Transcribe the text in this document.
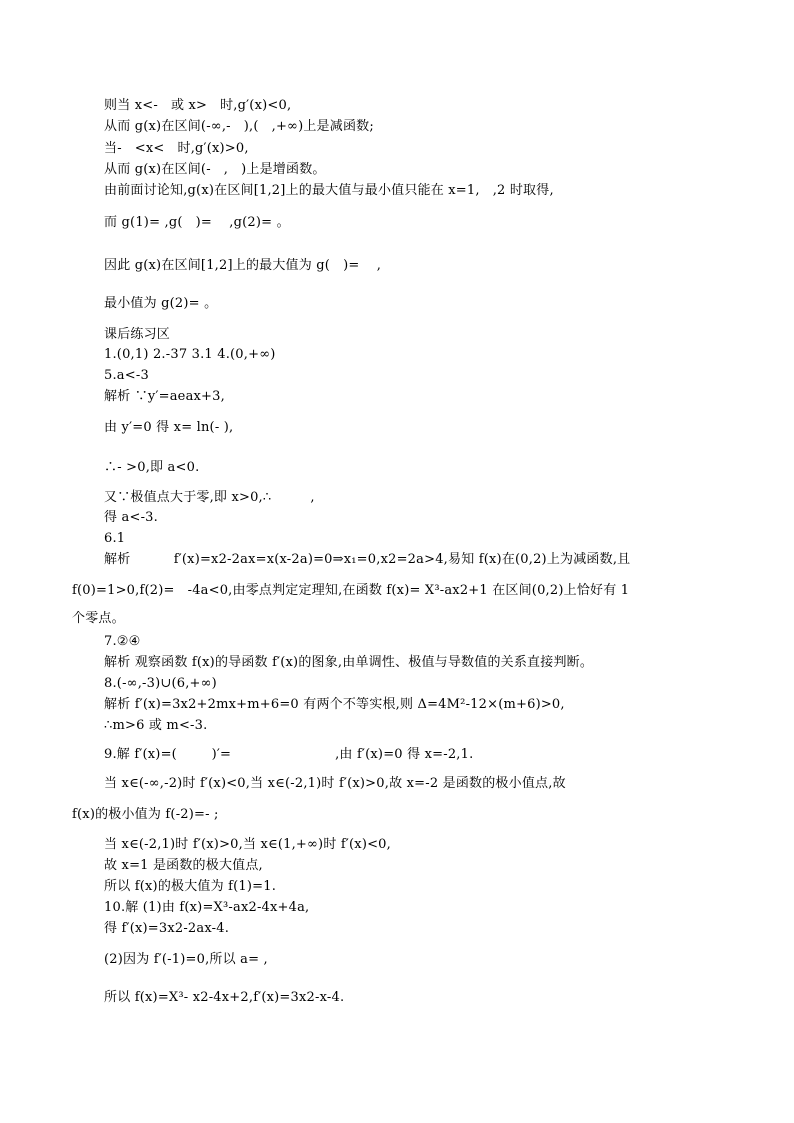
则当 x<-   或 x>   时,g′(x)<0,
从而 g(x)在区间(-∞,-   ),(   ,+∞)上是减函数;
当-   <x<   时,g′(x)>0,
从而 g(x)在区间(-   ,   )上是增函数。
由前面讨论知,g(x)在区间[1,2]上的最大值与最小值只能在 x=1,   ,2 时取得,
而 g(1)= ,g(   )=    ,g(2)= 。
因此 g(x)在区间[1,2]上的最大值为 g(   )=    ,
最小值为 g(2)= 。
课后练习区
1.(0,1) 2.-37 3.1 4.(0,+∞)
5.a<-3
解析 ∵y′=aeax+3,
由 y′=0 得 x= ln(- ),
∴- >0,即 a<0.
又∵极值点大于零,即 x>0,∴         ,
得 a<-3.
6.1
解析          f′(x)=x2-2ax=x(x-2a)=0⇒x₁=0,x2=2a>4,易知 f(x)在(0,2)上为减函数,且
f(0)=1>0,f(2)=   -4a<0,由零点判定定理知,在函数 f(x)= X³-ax2+1 在区间(0,2)上恰好有 1
个零点。
7.②④
解析 观察函数 f(x)的导函数 f′(x)的图象,由单调性、极值与导数值的关系直接判断。
8.(-∞,-3)∪(6,+∞)
解析 f′(x)=3x2+2mx+m+6=0 有两个不等实根,则 Δ=4M²-12×(m+6)>0,
∴m>6 或 m<-3.
9.解 f′(x)=(        )′=                        ,由 f′(x)=0 得 x=-2,1.
当 x∈(-∞,-2)时 f′(x)<0,当 x∈(-2,1)时 f′(x)>0,故 x=-2 是函数的极小值点,故
f(x)的极小值为 f(-2)=- ;
当 x∈(-2,1)时 f′(x)>0,当 x∈(1,+∞)时 f′(x)<0,
故 x=1 是函数的极大值点,
所以 f(x)的极大值为 f(1)=1.
10.解 (1)由 f(x)=X³-ax2-4x+4a,
得 f′(x)=3x2-2ax-4.
(2)因为 f′(-1)=0,所以 a= ,
所以 f(x)=X³- x2-4x+2,f′(x)=3x2-x-4.
